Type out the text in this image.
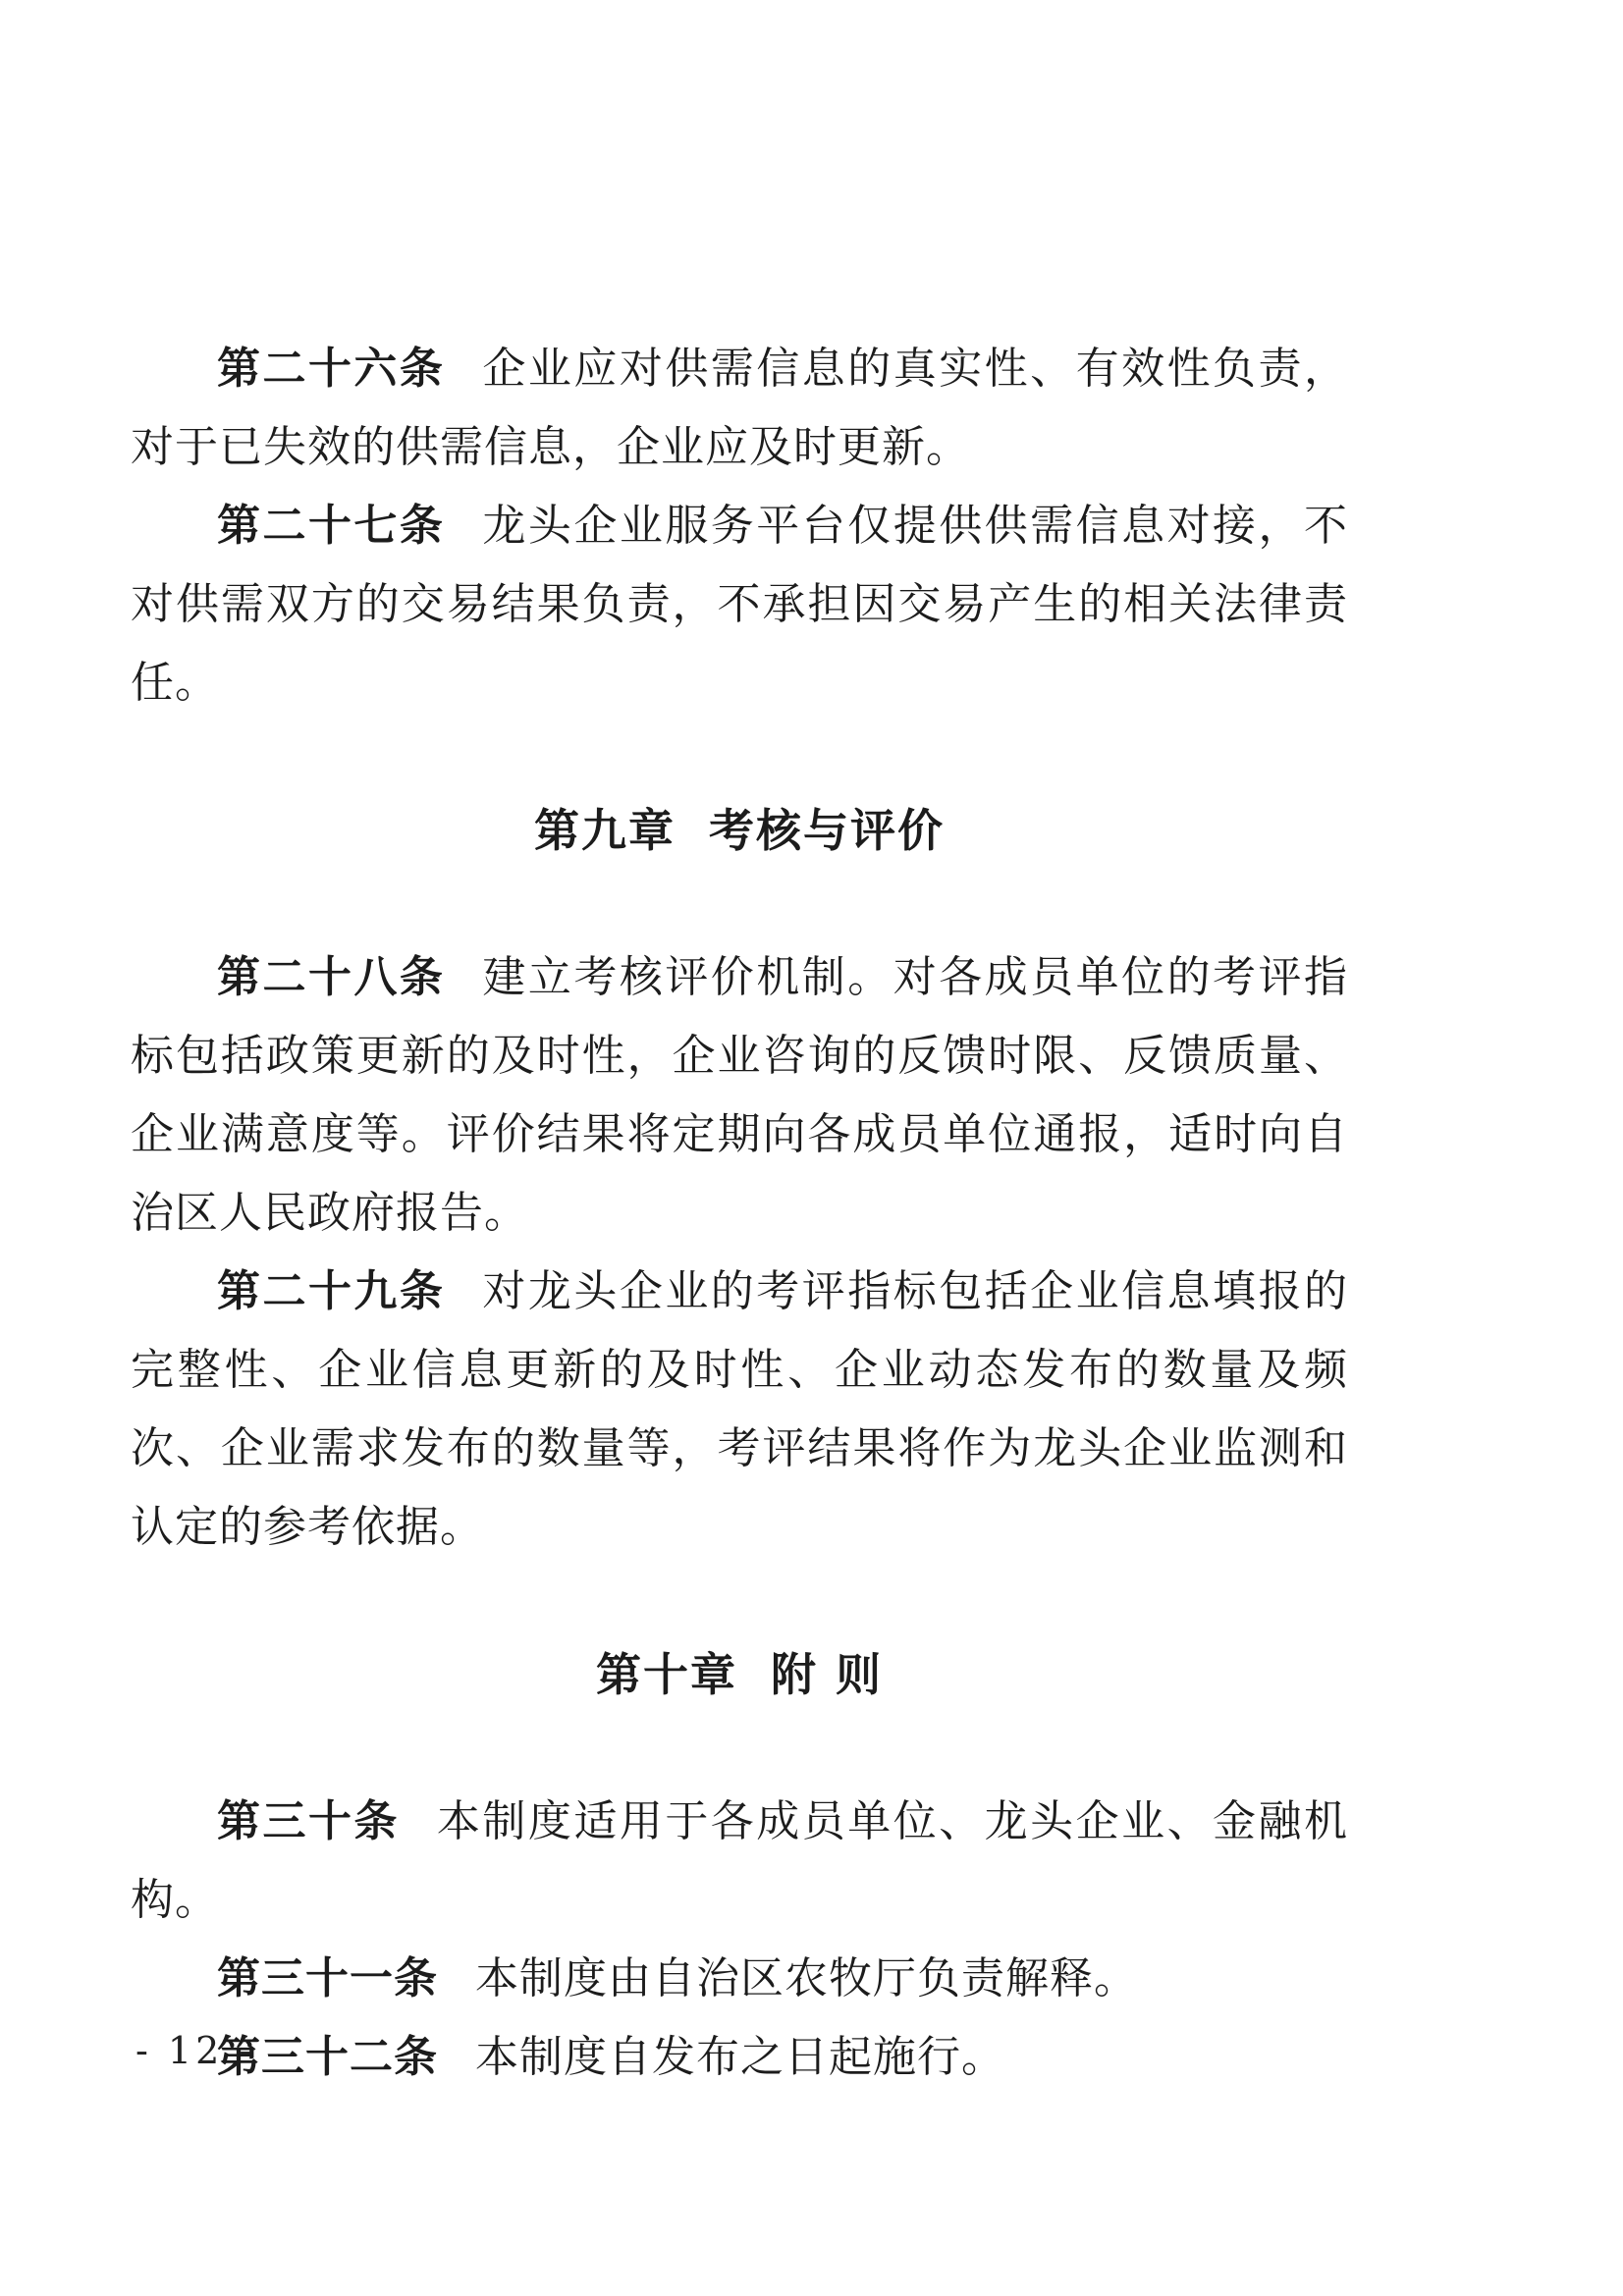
第二十六条 企业应对供需信息的真实性、有效性负责，对于已失效的供需信息，企业应及时更新。

第二十七条 龙头企业服务平台仅提供供需信息对接，不对供需双方的交易结果负责，不承担因交易产生的相关法律责任。

第九章 考核与评价

第二十八条 建立考核评价机制。对各成员单位的考评指标包括政策更新的及时性，企业咨询的反馈时限、反馈质量、企业满意度等。评价结果将定期向各成员单位通报，适时向自治区人民政府报告。

第二十九条 对龙头企业的考评指标包括企业信息填报的完整性、企业信息更新的及时性、企业动态发布的数量及频次、企业需求发布的数量等，考评结果将作为龙头企业监测和认定的参考依据。

第十章 附 则

第三十条 本制度适用于各成员单位、龙头企业、金融机构。

第三十一条 本制度由自治区农牧厅负责解释。

第三十二条 本制度自发布之日起施行。

- 12 -
